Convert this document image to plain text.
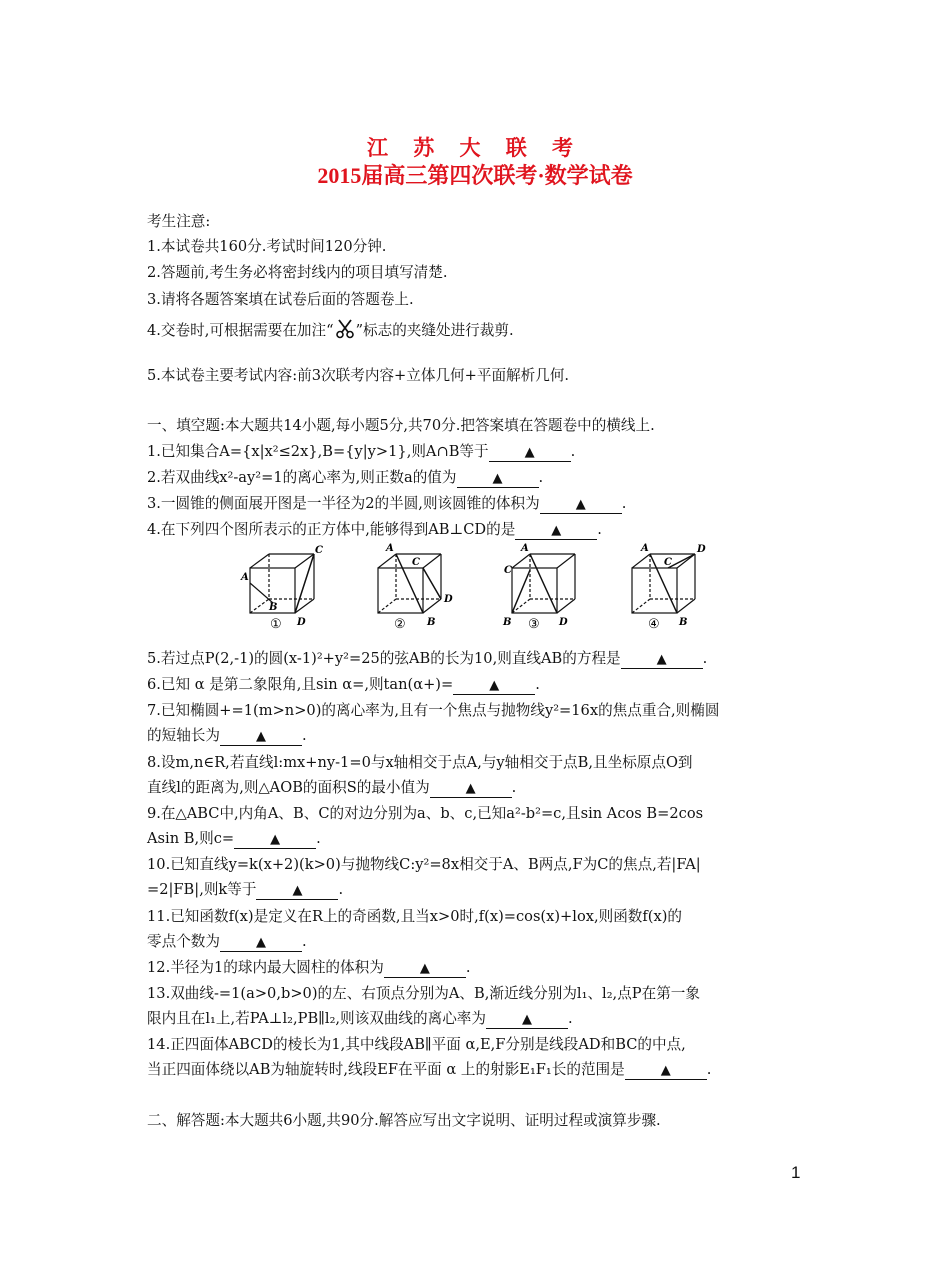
江 苏 大 联 考
2015届高三第四次联考·数学试卷
考生注意:
1.本试卷共160分.考试时间120分钟.
2.答题前,考生务必将密封线内的项目填写清楚.
3.请将各题答案填在试卷后面的答题卷上.
4.交卷时,可根据需要在加注“ ”标志的夹缝处进行裁剪.
5.本试卷主要考试内容:前3次联考内容+立体几何+平面解析几何.
一、填空题:本大题共14小题,每小题5分,共70分.把答案填在答题卷中的横线上.
1.已知集合A={x|x²≤2x},B={y|y>1},则A∩B等于	▲ .
2.若双曲线x²-ay²=1的离心率为,则正数a的值为	▲ .
3.一圆锥的侧面展开图是一半径为2的半圆,则该圆锥的体积为	▲ .
4.在下列四个图所表示的正方体中,能够得到AB⊥CD的是	▲ .
A
B
C
D
①
A
B
C
D
②
A
B
C
D
③
A
B
C
D
④
5.若过点P(2,-1)的圆(x-1)²+y²=25的弦AB的长为10,则直线AB的方程是	▲ .
6.已知 α 是第二象限角,且sin α=,则tan(α+)=	▲ .
7.已知椭圆+=1(m>n>0)的离心率为,且有一个焦点与抛物线y²=16x的焦点重合,则椭圆
的短轴长为	▲ .
8.设m,n∈R,若直线l:mx+ny-1=0与x轴相交于点A,与y轴相交于点B,且坐标原点O到
直线l的距离为,则△AOB的面积S的最小值为	▲ .
9.在△ABC中,内角A、B、C的对边分别为a、b、c,已知a²-b²=c,且sin Acos B=2cos
Asin B,则c=	▲ .
10.已知直线y=k(x+2)(k>0)与抛物线C:y²=8x相交于A、B两点,F为C的焦点,若|FA|
=2|FB|,则k等于	▲ .
11.已知函数f(x)是定义在R上的奇函数,且当x>0时,f(x)=cos(x)+lox,则函数f(x)的
零点个数为	▲ .
12.半径为1的球内最大圆柱的体积为	▲ .
13.双曲线-=1(a>0,b>0)的左、右顶点分别为A、B,渐近线分别为l₁、l₂,点P在第一象
限内且在l₁上,若PA⊥l₂,PB∥l₂,则该双曲线的离心率为	▲ .
14.正四面体ABCD的棱长为1,其中线段AB∥平面 α,E,F分别是线段AD和BC的中点,
当正四面体绕以AB为轴旋转时,线段EF在平面 α 上的射影E₁F₁长的范围是	▲ .
二、解答题:本大题共6小题,共90分.解答应写出文字说明、证明过程或演算步骤.
1
